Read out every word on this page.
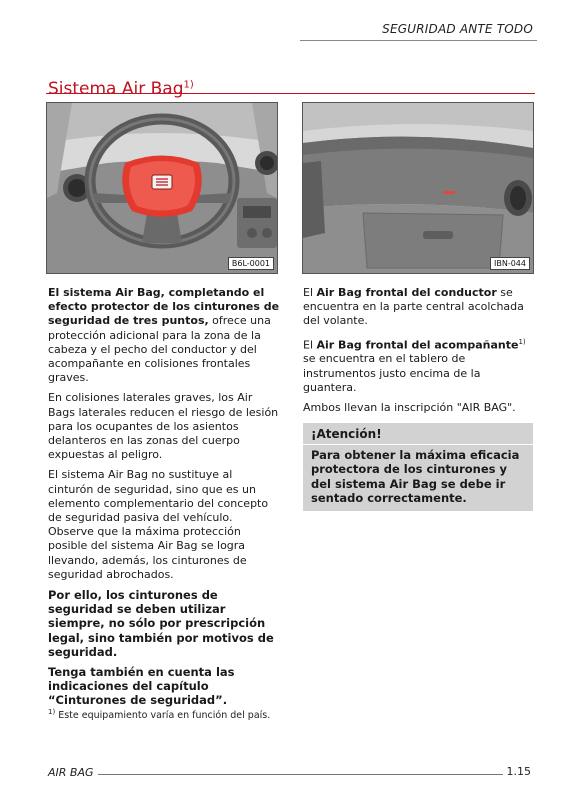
SEGURIDAD ANTE TODO
Sistema Air Bag$^{1)}$
B6L-0001	IBN-044

El sistema Air Bag, completando el efecto protector de los cinturones de seguridad de tres puntos, ofrece una protección adicional para la zona de la cabeza y el pecho del conductor y del acompañante en colisiones frontales graves.

En colisiones laterales graves, los Air Bags laterales reducen el riesgo de lesión para los ocupantes de los asientos delanteros en las zonas del cuerpo expuestas al peligro.

El sistema Air Bag no sustituye al cinturón de seguridad, sino que es un elemento complementario del concepto de seguridad pasiva del vehículo. Observe que la máxima protección posible del sistema Air Bag se logra llevando, además, los cinturones de seguridad abrochados.

Por ello, los cinturones de seguridad se deben utilizar siempre, no sólo por prescripción legal, sino también por motivos de seguridad.

Tenga también en cuenta las indicaciones del capítulo “Cinturones de seguridad”.

El Air Bag frontal del conductor se encuentra en la parte central acolchada del volante.

El Air Bag frontal del acompañante$^{1)}$ se encuentra en el tablero de instrumentos justo encima de la guantera.

Ambos llevan la inscripción "AIR BAG".

¡Atención!
Para obtener la máxima eficacia protectora de los cinturones y del sistema Air Bag se debe ir sentado correctamente.
$^{1)}$ Este equipamiento varía en función del país.
AIR BAG	1.15
